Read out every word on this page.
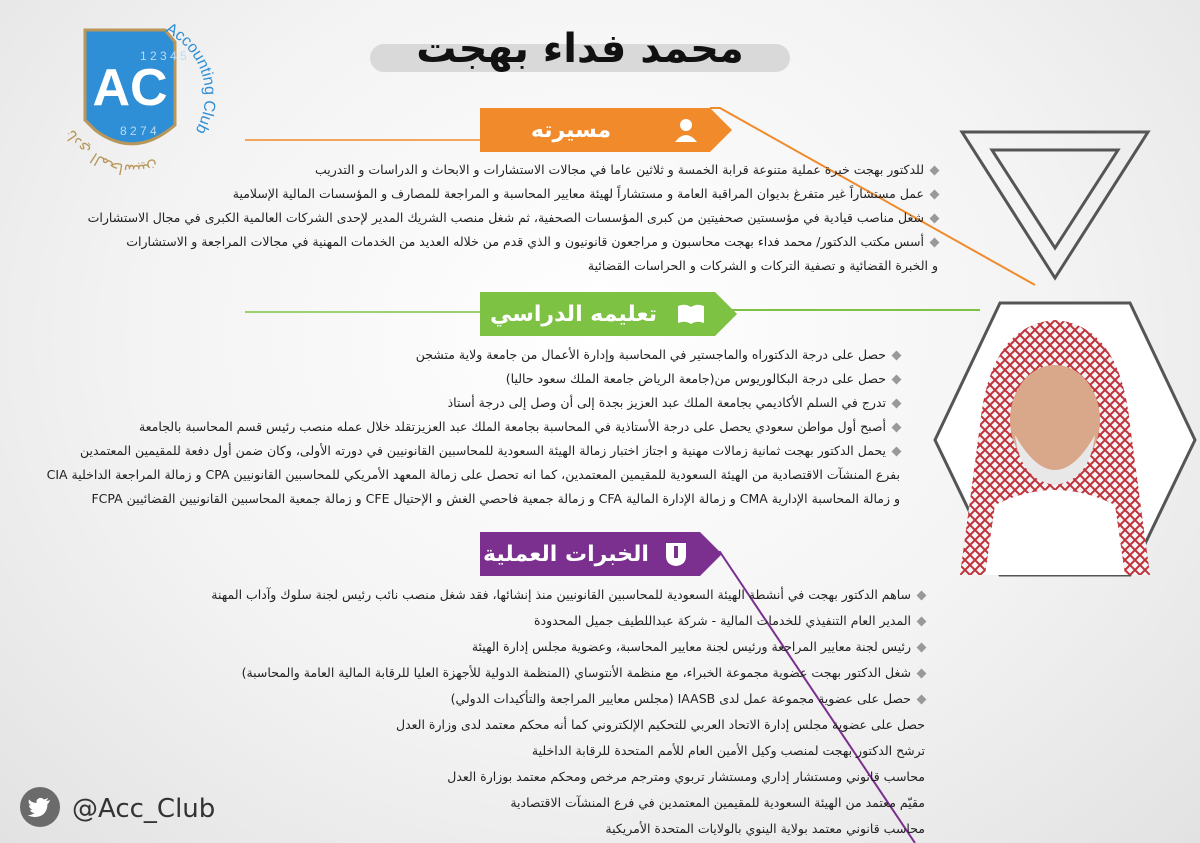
AC
1 2 3 4 5
8 2 7 4
Accounting Club
نادي المحاسبين
محمد فداء بهجت
مسيرته
للدكتور بهجت خبرة عملية متنوعة قرابة الخمسة و ثلاثين عاما في مجالات الاستشارات و الابحاث و الدراسات و التدريب
عمل مستشاراً غير متفرغ بديوان المراقبة العامة و مستشاراً لهيئة معايير المحاسبة و المراجعة للمصارف و المؤسسات المالية الإسلامية
شغل مناصب قيادية في مؤسستين صحفيتين من كبرى المؤسسات الصحفية، ثم شغل منصب الشريك المدير لإحدى الشركات العالمية الكبرى في مجال الاستشارات
أسس مكتب الدكتور/ محمد فداء بهجت محاسبون و مراجعون قانونيون و الذي قدم من خلاله العديد من الخدمات المهنية في مجالات المراجعة و الاستشارات
و الخبرة القضائية و تصفية التركات و الشركات و الحراسات القضائية
تعليمه الدراسي
حصل على درجة الدكتوراه والماجستير في المحاسبة وإدارة الأعمال من جامعة ولاية متشجن
حصل على درجة البكالوريوس من(جامعة الرياض جامعة الملك سعود حاليا)
تدرج في السلم الأكاديمي بجامعة الملك عبد العزيز بجدة إلى أن وصل إلى درجة أستاذ
أصبح أول مواطن سعودي يحصل على درجة الأستاذية في المحاسبة بجامعة الملك عبد العزيزتقلد خلال عمله منصب رئيس قسم المحاسبة بالجامعة
يحمل الدكتور بهجت ثمانية زمالات مهنية و اجتاز اختبار زمالة الهيئة السعودية للمحاسبين القانونيين في دورته الأولى، وكان ضمن أول دفعة للمقيمين المعتمدين
بفرع المنشآت الاقتصادية من الهيئة السعودية للمقيمين المعتمدين، كما انه تحصل على زمالة المعهد الأمريكي للمحاسبين القانونيين CPA و زمالة المراجعة الداخلية CIA
و زمالة المحاسبة الإدارية CMA و زمالة الإدارة المالية CFA و زمالة جمعية فاحصي الغش و الإحتيال CFE و زمالة جمعية المحاسبين القانونيين القضائيين FCPA
الخبرات العملية
ساهم الدكتور بهجت في أنشطة الهيئة السعودية للمحاسبين القانونيين منذ إنشائها، فقد شغل منصب نائب رئيس لجنة سلوك وآداب المهنة
المدير العام التنفيذي للخدمات المالية - شركة عبداللطيف جميل المحدودة
رئيس لجنة معايير المراجعة ورئيس لجنة معايير المحاسبة، وعضوية مجلس إدارة الهيئة
شغل الدكتور بهجت عضوية مجموعة الخبراء، مع منظمة الأنتوساي (المنظمة الدولية للأجهزة العليا للرقابة المالية العامة والمحاسبة)
حصل على عضوية مجموعة عمل لدى IAASB (مجلس معايير المراجعة والتأكيدات الدولي)
حصل على عضوية مجلس إدارة الاتحاد العربي للتحكيم الإلكتروني كما أنه محكم معتمد لدى وزارة العدل
ترشح الدكتور بهجت لمنصب وكيل الأمين العام للأمم المتحدة للرقابة الداخلية
محاسب قانوني ومستشار إداري ومستشار تربوي ومترجم مرخص ومحكم معتمد بوزارة العدل
مقيّم معتمد من الهيئة السعودية للمقيمين المعتمدين في فرع المنشآت الاقتصادية
محاسب قانوني معتمد بولاية الينوي بالولايات المتحدة الأمريكية
@Acc_Club
